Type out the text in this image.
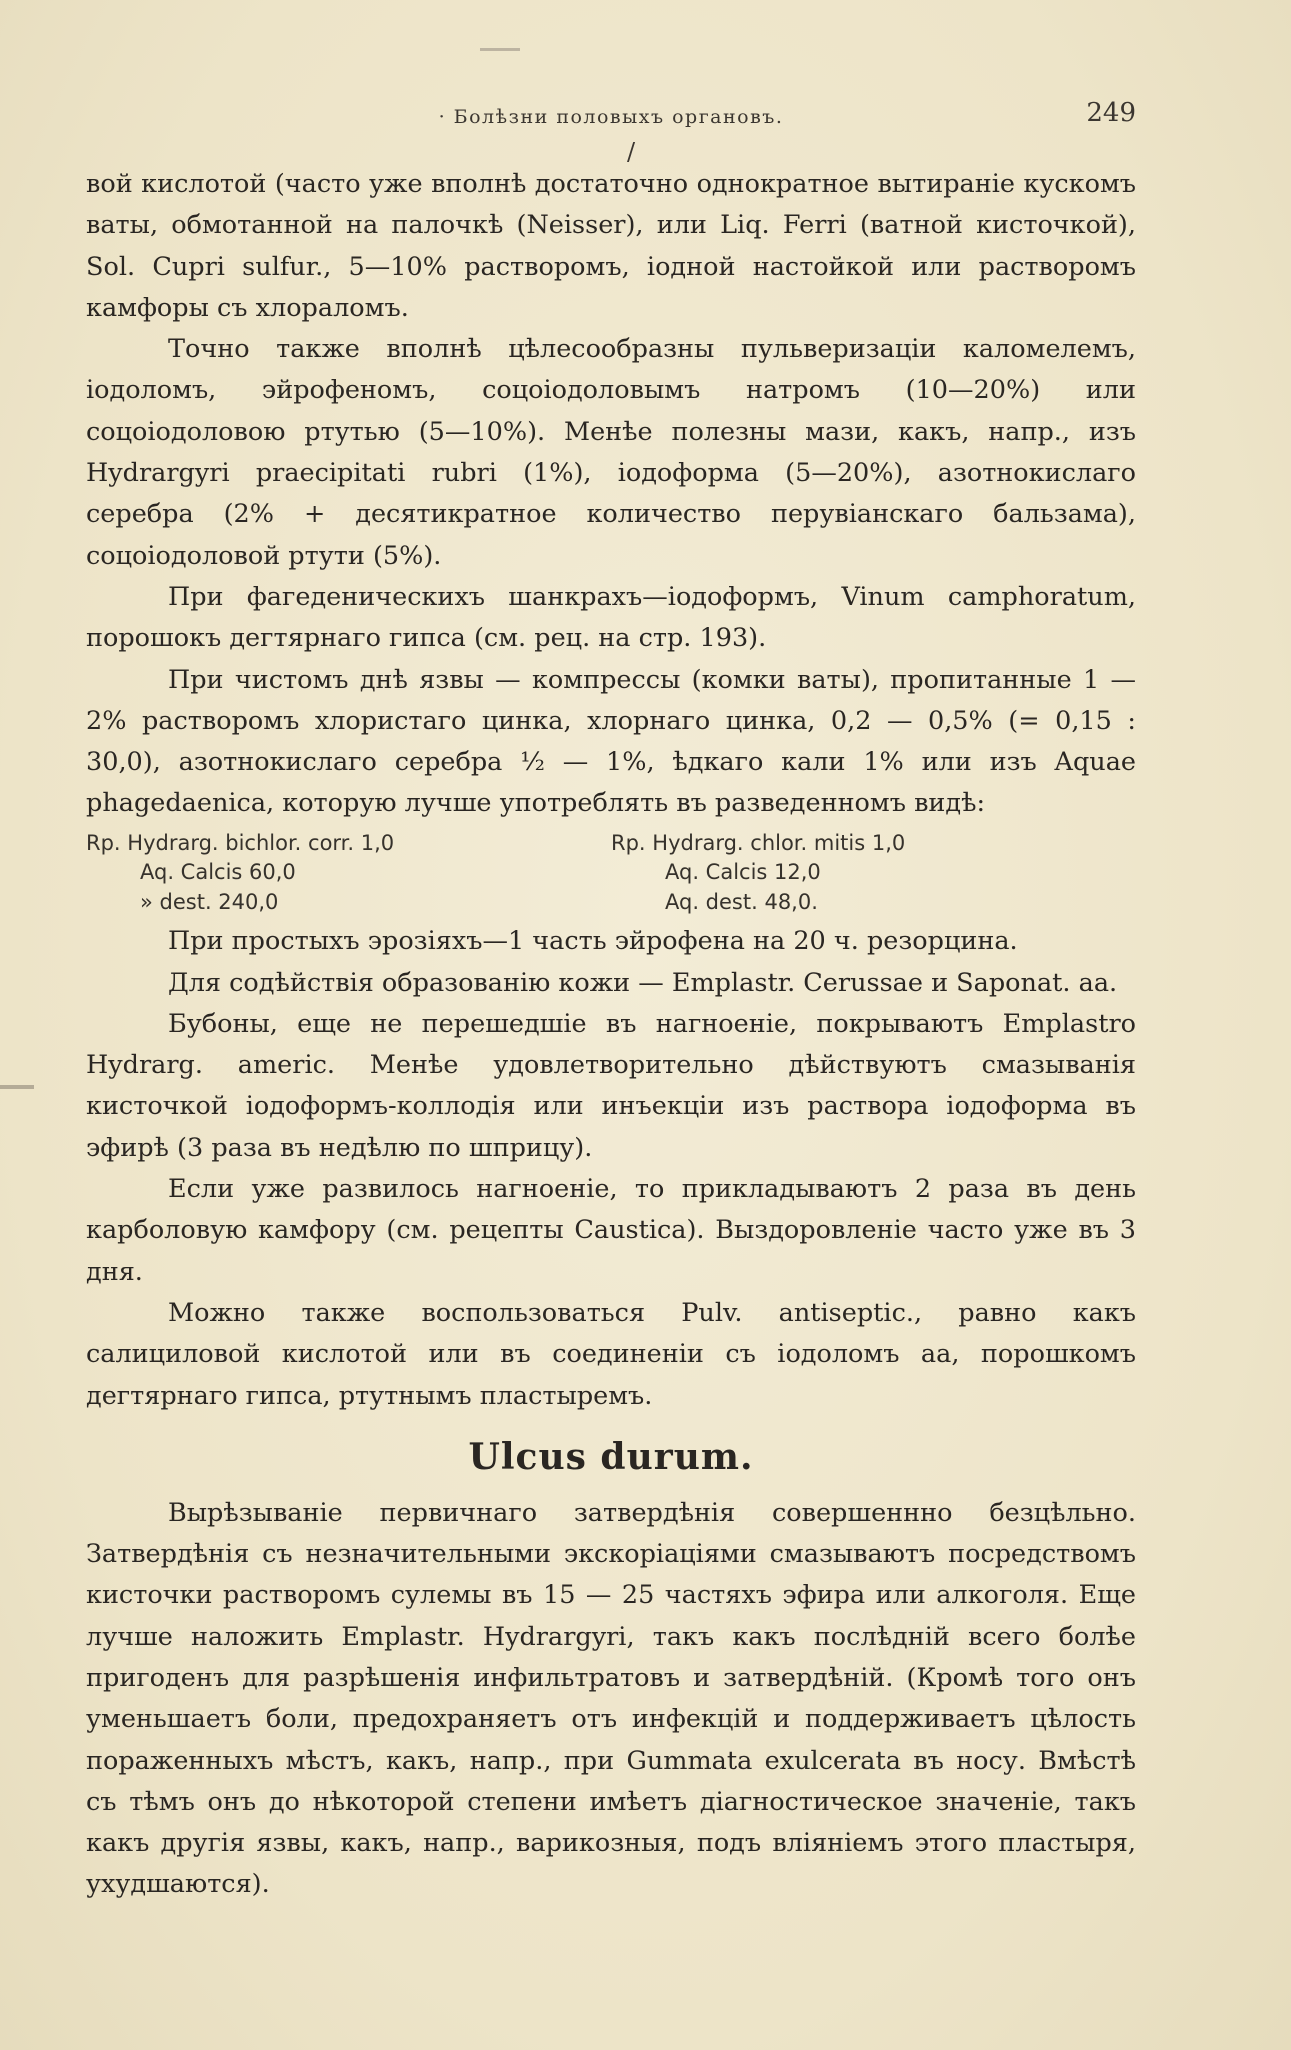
· Болѣзни половыхъ органовъ.	249
/

вой кислотой (часто уже вполнѣ достаточно однократное вытираніе кускомъ ваты, обмотанной на палочкѣ (Neisser), или Liq. Ferri (ватной кисточкой), Sol. Cupri sulfur., 5—10% растворомъ, іодной настойкой или растворомъ камфоры съ хлораломъ.

Точно также вполнѣ цѣлесообразны пульверизаціи каломелемъ, іодоломъ, эйрофеномъ, соцоіодоловымъ натромъ (10—20%) или соцоіодоловою ртутью (5—10%). Менѣе полезны мази, какъ, напр., изъ Hydrargyri praecipitati rubri (1%), іодоформа (5—20%), азотнокислаго серебра (2% + десятикратное количество перувіанскаго бальзама), соцоіодоловой ртути (5%).

При фагеденическихъ шанкрахъ—іодоформъ, Vinum camphoratum, порошокъ дегтярнаго гипса (см. рец. на стр. 193).

При чистомъ днѣ язвы — компрессы (комки ваты), пропитанные 1 — 2% растворомъ хлористаго цинка, хлорнаго цинка, 0,2 — 0,5% (= 0,15 : 30,0), азотнокислаго серебра ½ — 1%, ѣдкаго кали 1% или изъ Aquae phagedaenica, которую лучше употреблять въ разведенномъ видѣ:

Rp. Hydrarg. bichlor. corr. 1,0
Aq. Calcis 60,0
» dest. 240,0
Rp. Hydrarg. chlor. mitis 1,0
Aq. Calcis 12,0
Aq. dest. 48,0.

При простыхъ эрозіяхъ—1 часть эйрофена на 20 ч. резорцина.

Для содѣйствія образованію кожи — Emplastr. Cerussae и Saponat. aa.

Бубоны, еще не перешедшіе въ нагноеніе, покрываютъ Emplastro Hydrarg. americ. Менѣе удовлетворительно дѣйствуютъ смазыванія кисточкой іодоформъ-коллодія или инъекціи изъ раствора іодоформа въ эфирѣ (3 раза въ недѣлю по шприцу).

Если уже развилось нагноеніе, то прикладываютъ 2 раза въ день карболовую камфору (см. рецепты Caustica). Выздоровленіе часто уже въ 3 дня.

Можно также воспользоваться Pulv. antiseptic., равно какъ салициловой кислотой или въ соединеніи съ іодоломъ aa, порошкомъ дегтярнаго гипса, ртутнымъ пластыремъ.

Ulcus durum.

Вырѣзываніе первичнаго затвердѣнія совершеннно безцѣльно. Затвердѣнія съ незначительными экскоріаціями смазываютъ посредствомъ кисточки растворомъ сулемы въ 15 — 25 частяхъ эфира или алкоголя. Еще лучше наложить Emplastr. Hydrargyri, такъ какъ послѣдній всего болѣе пригоденъ для разрѣшенія инфильтратовъ и затвердѣній. (Кромѣ того онъ уменьшаетъ боли, предохраняетъ отъ инфекцій и поддерживаетъ цѣлость пораженныхъ мѣстъ, какъ, напр., при Gummata exulcerata въ носу. Вмѣстѣ съ тѣмъ онъ до нѣкоторой степени имѣетъ діагностическое значеніе, такъ какъ другія язвы, какъ, напр., варикозныя, подъ вліяніемъ этого пластыря, ухудшаются).
